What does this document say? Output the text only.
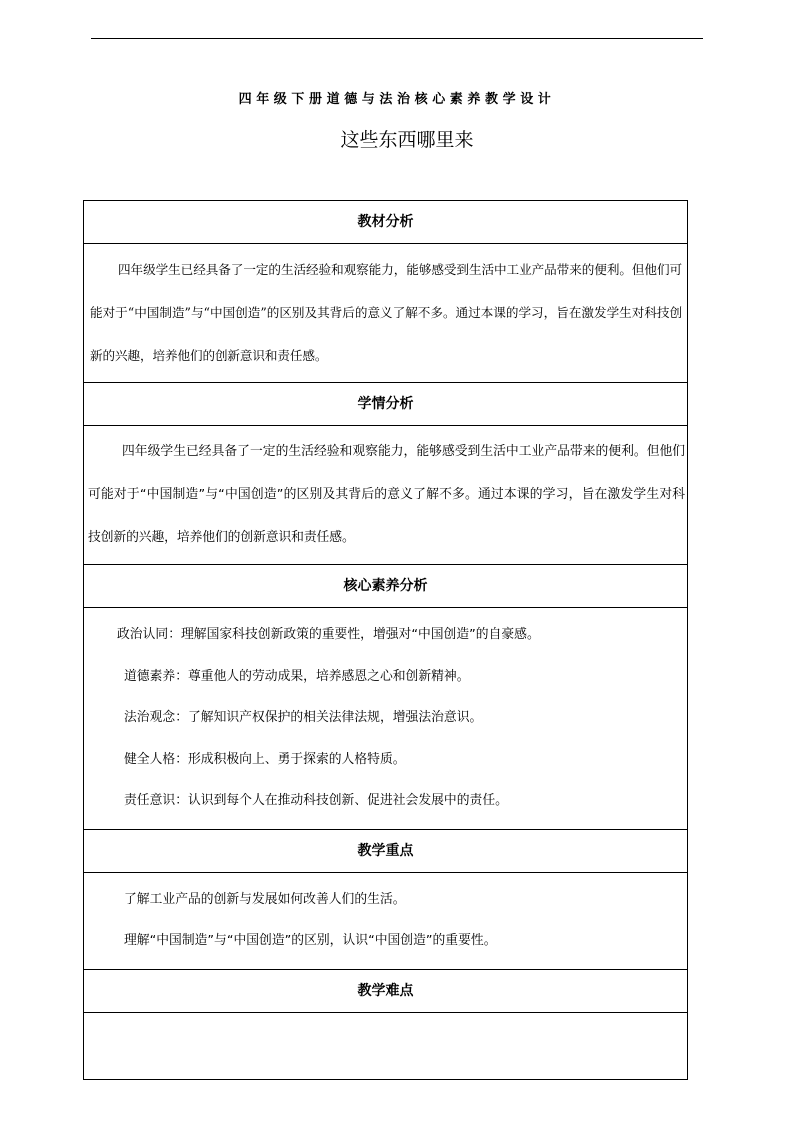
四年级下册道德与法治核心素养教学设计
这些东西哪里来
教材分析
四年级学生已经具备了一定的生活经验和观察能力，能够感受到生活中工业产品带来的便利。但他们可能对于“中国制造”与“中国创造”的区别及其背后的意义了解不多。通过本课的学习，旨在激发学生对科技创新的兴趣，培养他们的创新意识和责任感。
学情分析
四年级学生已经具备了一定的生活经验和观察能力，能够感受到生活中工业产品带来的便利。但他们可能对于“中国制造”与“中国创造”的区别及其背后的意义了解不多。通过本课的学习，旨在激发学生对科技创新的兴趣，培养他们的创新意识和责任感。
核心素养分析
政治认同：理解国家科技创新政策的重要性，增强对“中国创造”的自豪感。
道德素养：尊重他人的劳动成果，培养感恩之心和创新精神。
法治观念：了解知识产权保护的相关法律法规，增强法治意识。
健全人格：形成积极向上、勇于探索的人格特质。
责任意识：认识到每个人在推动科技创新、促进社会发展中的责任。
教学重点
了解工业产品的创新与发展如何改善人们的生活。
理解“中国制造”与“中国创造”的区别，认识“中国创造”的重要性。
教学难点
